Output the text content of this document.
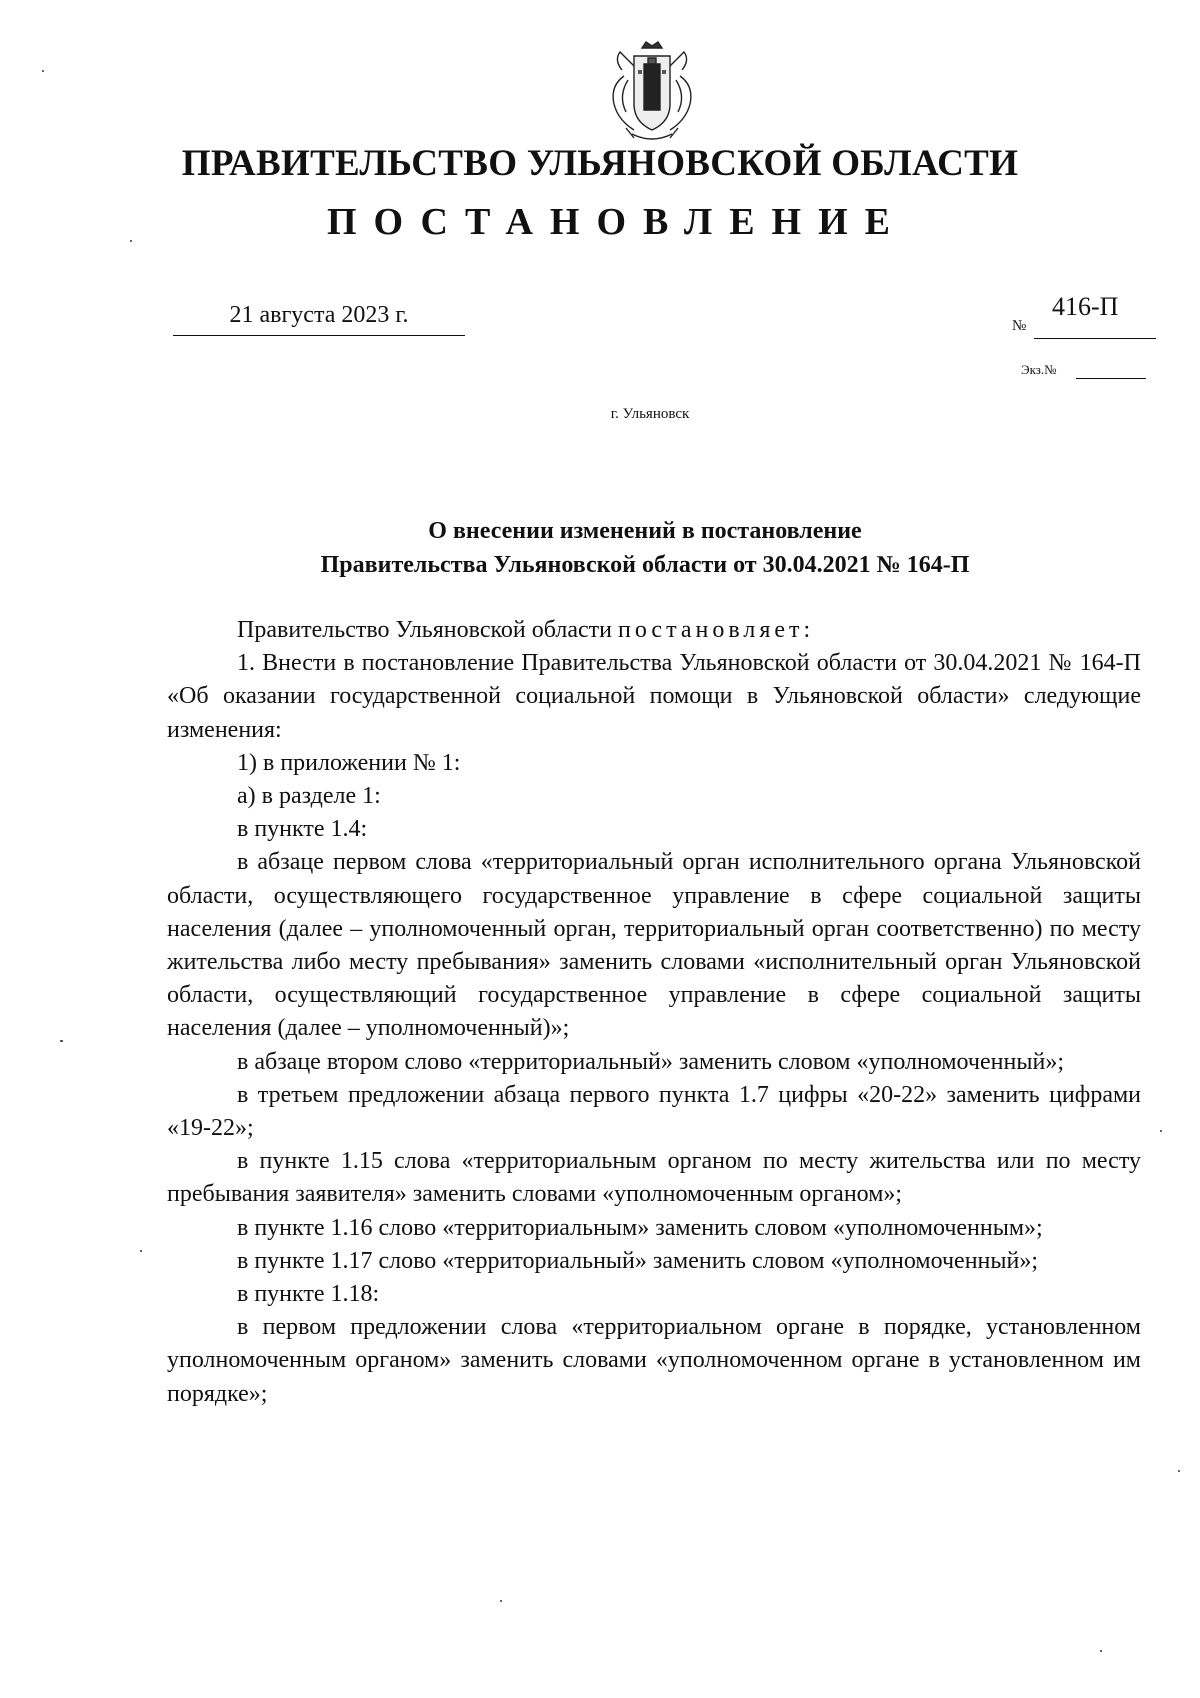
ПРАВИТЕЛЬСТВО УЛЬЯНОВСКОЙ ОБЛАСТИ
ПОСТАНОВЛЕНИЕ
21 августа 2023 г.	№
416-П
Экз.№
г. Ульяновск
О внесении изменений в постановление
Правительства Ульяновской области от 30.04.2021 № 164-П

Правительство Ульяновской области постановляет:

1. Внести в постановление Правительства Ульяновской области от 30.04.2021 № 164-П «Об оказании государственной социальной помощи в Ульяновской области» следующие изменения:

1) в приложении № 1:

а) в разделе 1:

в пункте 1.4:

в абзаце первом слова «территориальный орган исполнительного органа Ульяновской области, осуществляющего государственное управление в сфере социальной защиты населения (далее – уполномоченный орган, территориальный орган соответственно) по месту жительства либо месту пребывания» заменить словами «исполнительный орган Ульяновской области, осуществляющий государственное управление в сфере социальной защиты населения (далее – уполномоченный)»;

в абзаце втором слово «территориальный» заменить словом «уполномоченный»;

в третьем предложении абзаца первого пункта 1.7 цифры «20-22» заменить цифрами «19-22»;

в пункте 1.15 слова «территориальным органом по месту жительства или по месту пребывания заявителя» заменить словами «уполномоченным органом»;

в пункте 1.16 слово «территориальным» заменить словом «уполномоченным»;

в пункте 1.17 слово «территориальный» заменить словом «уполномоченный»;

в пункте 1.18:

в первом предложении слова «территориальном органе в порядке, установленном уполномоченным органом» заменить словами «уполномоченном органе в установленном им порядке»;
